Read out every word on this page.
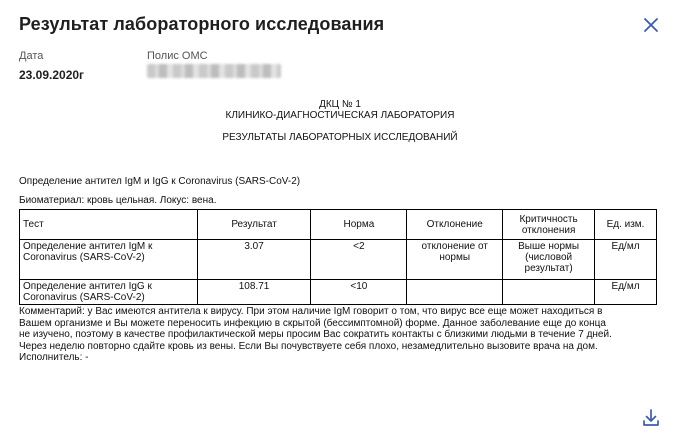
Результат лабораторного исследования
Дата
23.09.2020г
Полис ОМС
ДКЦ № 1
КЛИНИКО-ДИАГНОСТИЧЕСКАЯ ЛАБОРАТОРИЯ
РЕЗУЛЬТАТЫ ЛАБОРАТОРНЫХ ИССЛЕДОВАНИЙ
Определение антител IgM и IgG к Coronavirus (SARS-CoV-2)
Биоматериал: кровь цельная. Локус: вена.
Тест	Результат	Норма	Отклонение	Критичность отклонения	Ед. изм.
Определение антител IgM к Coronavirus (SARS-CoV-2)	3.07	<2	отклонение от нормы	Выше нормы (числовой результат)	Ед/мл
Определение антител IgG к Coronavirus (SARS-CoV-2)	108.71	<10			Ед/мл
Комментарий: у Вас имеются антитела к вирусу. При этом наличие IgM говорит о том, что вирус все еще может находиться в Вашем организме и Вы можете переносить инфекцию в скрытой (бессимптомной) форме. Данное заболевание еще до конца не изучено, поэтому в качестве профилактической меры просим Вас сократить контакты с близкими людьми в течение 7 дней. Через неделю повторно сдайте кровь из вены. Если Вы почувствуете себя плохо, незамедлительно вызовите врача на дом.
Исполнитель: -
